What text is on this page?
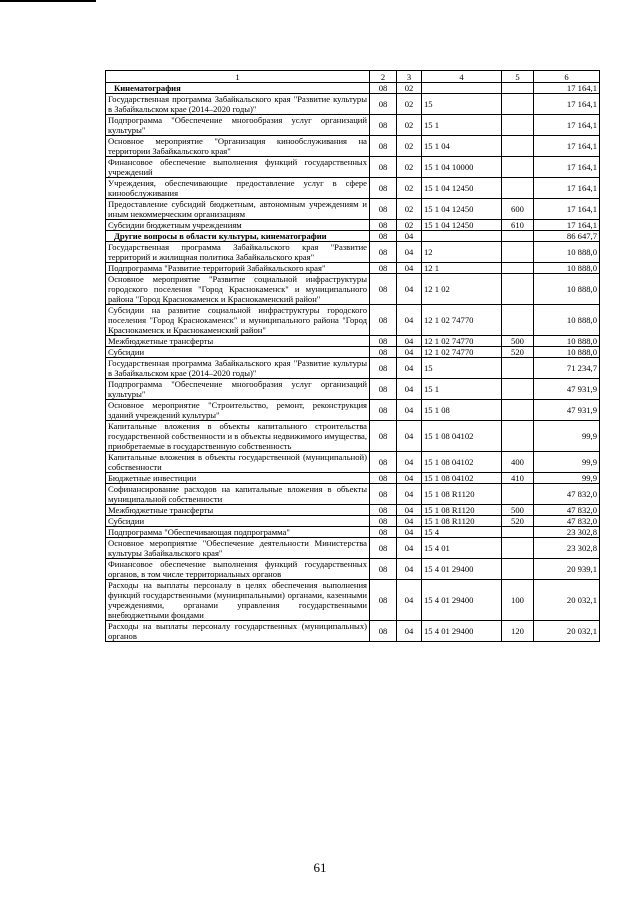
1	2	3	4	5	6
Кинематография	08	02			17 164,1
Государственная программа Забайкальского края "Развитие культуры в Забайкальском крае (2014–2020 годы)"	08	02	15		17 164,1
Подпрограмма "Обеспечение многообразия услуг организаций культуры"	08	02	15 1		17 164,1
Основное мероприятие "Организация кинообслуживания на территории Забайкальского края"	08	02	15 1 04		17 164,1
Финансовое обеспечение выполнения функций государственных учреждений	08	02	15 1 04 10000		17 164,1
Учреждения, обеспечивающие предоставление услуг в сфере кинообслуживания	08	02	15 1 04 12450		17 164,1
Предоставление субсидий бюджетным, автономным учреждениям и иным некоммерческим организациям	08	02	15 1 04 12450	600	17 164,1
Субсидии бюджетным учреждениям	08	02	15 1 04 12450	610	17 164,1
Другие вопросы в области культуры, кинематографии	08	04			86 647,7
Государственная программа Забайкальского края "Развитие территорий и жилищная политика Забайкальского края"	08	04	12		10 888,0
Подпрограмма "Развитие территорий Забайкальского края"	08	04	12 1		10 888,0
Основное мероприятие "Развитие социальной инфраструктуры городского поселения "Город Краснокаменск" и муниципального района "Город Краснокаменск и Краснокаменский район"	08	04	12 1 02		10 888,0
Субсидии на развитие социальной инфраструктуры городского поселения "Город Краснокаменск" и муниципального района "Город Краснокаменск и Краснокаменский район"	08	04	12 1 02 74770		10 888,0
Межбюджетные трансферты	08	04	12 1 02 74770	500	10 888,0
Субсидии	08	04	12 1 02 74770	520	10 888,0
Государственная программа Забайкальского края "Развитие культуры в Забайкальском крае (2014–2020 годы)"	08	04	15		71 234,7
Подпрограмма "Обеспечение многообразия услуг организаций культуры"	08	04	15 1		47 931,9
Основное мероприятие "Строительство, ремонт, реконструкция зданий учреждений культуры"	08	04	15 1 08		47 931,9
Капитальные вложения в объекты капитального строительства государственной собственности и в объекты недвижимого имущества, приобретаемые в государственную собственность	08	04	15 1 08 04102		99,9
Капитальные вложения в объекты государственной (муниципальной) собственности	08	04	15 1 08 04102	400	99,9
Бюджетные инвестиции	08	04	15 1 08 04102	410	99,9
Софинансирование расходов на капитальные вложения в объекты муниципальной собственности	08	04	15 1 08 R1120		47 832,0
Межбюджетные трансферты	08	04	15 1 08 R1120	500	47 832,0
Субсидии	08	04	15 1 08 R1120	520	47 832,0
Подпрограмма "Обеспечивающая подпрограмма"	08	04	15 4		23 302,8
Основное мероприятие "Обеспечение деятельности Министерства культуры Забайкальского края"	08	04	15 4 01		23 302,8
Финансовое обеспечение выполнения функций государственных органов, в том числе территориальных органов	08	04	15 4 01 29400		20 939,1
Расходы на выплаты персоналу в целях обеспечения выполнения функций государственными (муниципальными) органами, казенными учреждениями, органами управления государственными внебюджетными фондами	08	04	15 4 01 29400	100	20 032,1
Расходы на выплаты персоналу государственных (муниципальных) органов	08	04	15 4 01 29400	120	20 032,1
61
